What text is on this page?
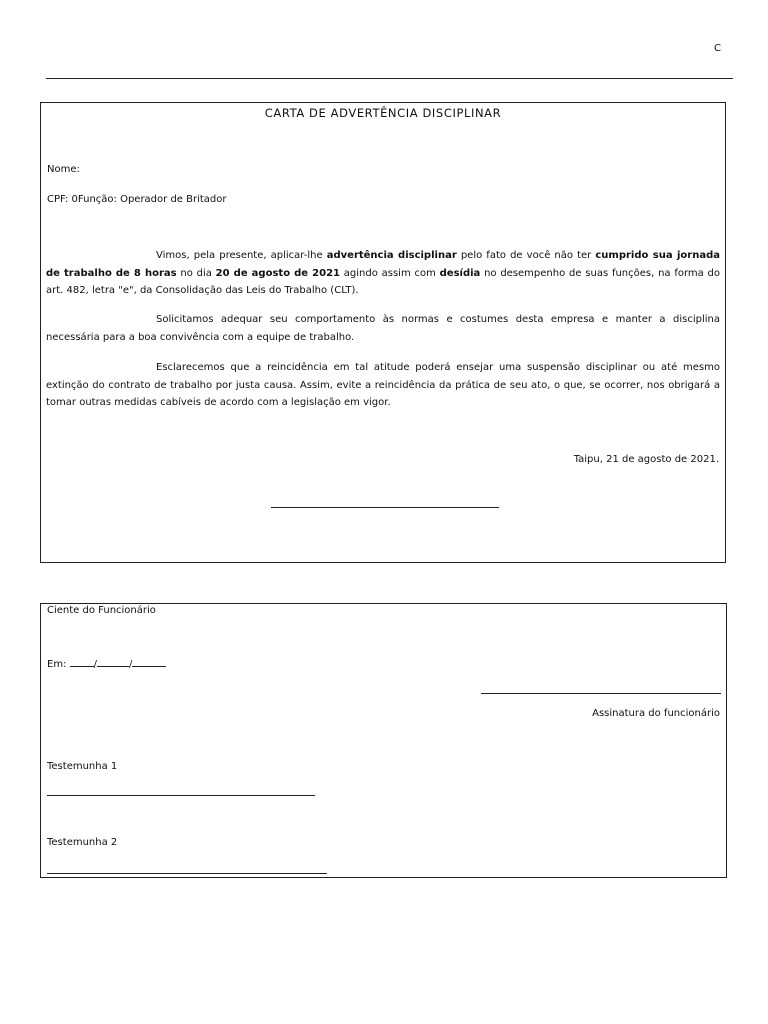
C
CARTA DE ADVERTÊNCIA DISCIPLINAR
Nome:
CPF: 0Função: Operador de Britador
Vimos, pela presente, aplicar-lhe advertência disciplinar pelo fato de você não ter cumprido sua jornada de trabalho de 8 horas no dia 20 de agosto de 2021 agindo assim com desídia no desempenho de suas funções, na forma do art. 482, letra "e", da Consolidação das Leis do Trabalho (CLT).
Solicitamos adequar seu comportamento às normas e costumes desta empresa e manter a disciplina necessária para a boa convivência com a equipe de trabalho.
Esclarecemos que a reincidência em tal atitude poderá ensejar uma suspensão disciplinar ou até mesmo extinção do contrato de trabalho por justa causa. Assim, evite a reincidência da prática de seu ato, o que, se ocorrer, nos obrigará a tomar outras medidas cabíveis de acordo com a legislação em vigor.
Taipu, 21 de agosto de 2021.
Ciente do Funcionário
Em:	/	/
Assinatura do funcionário
Testemunha 1
Testemunha 2
